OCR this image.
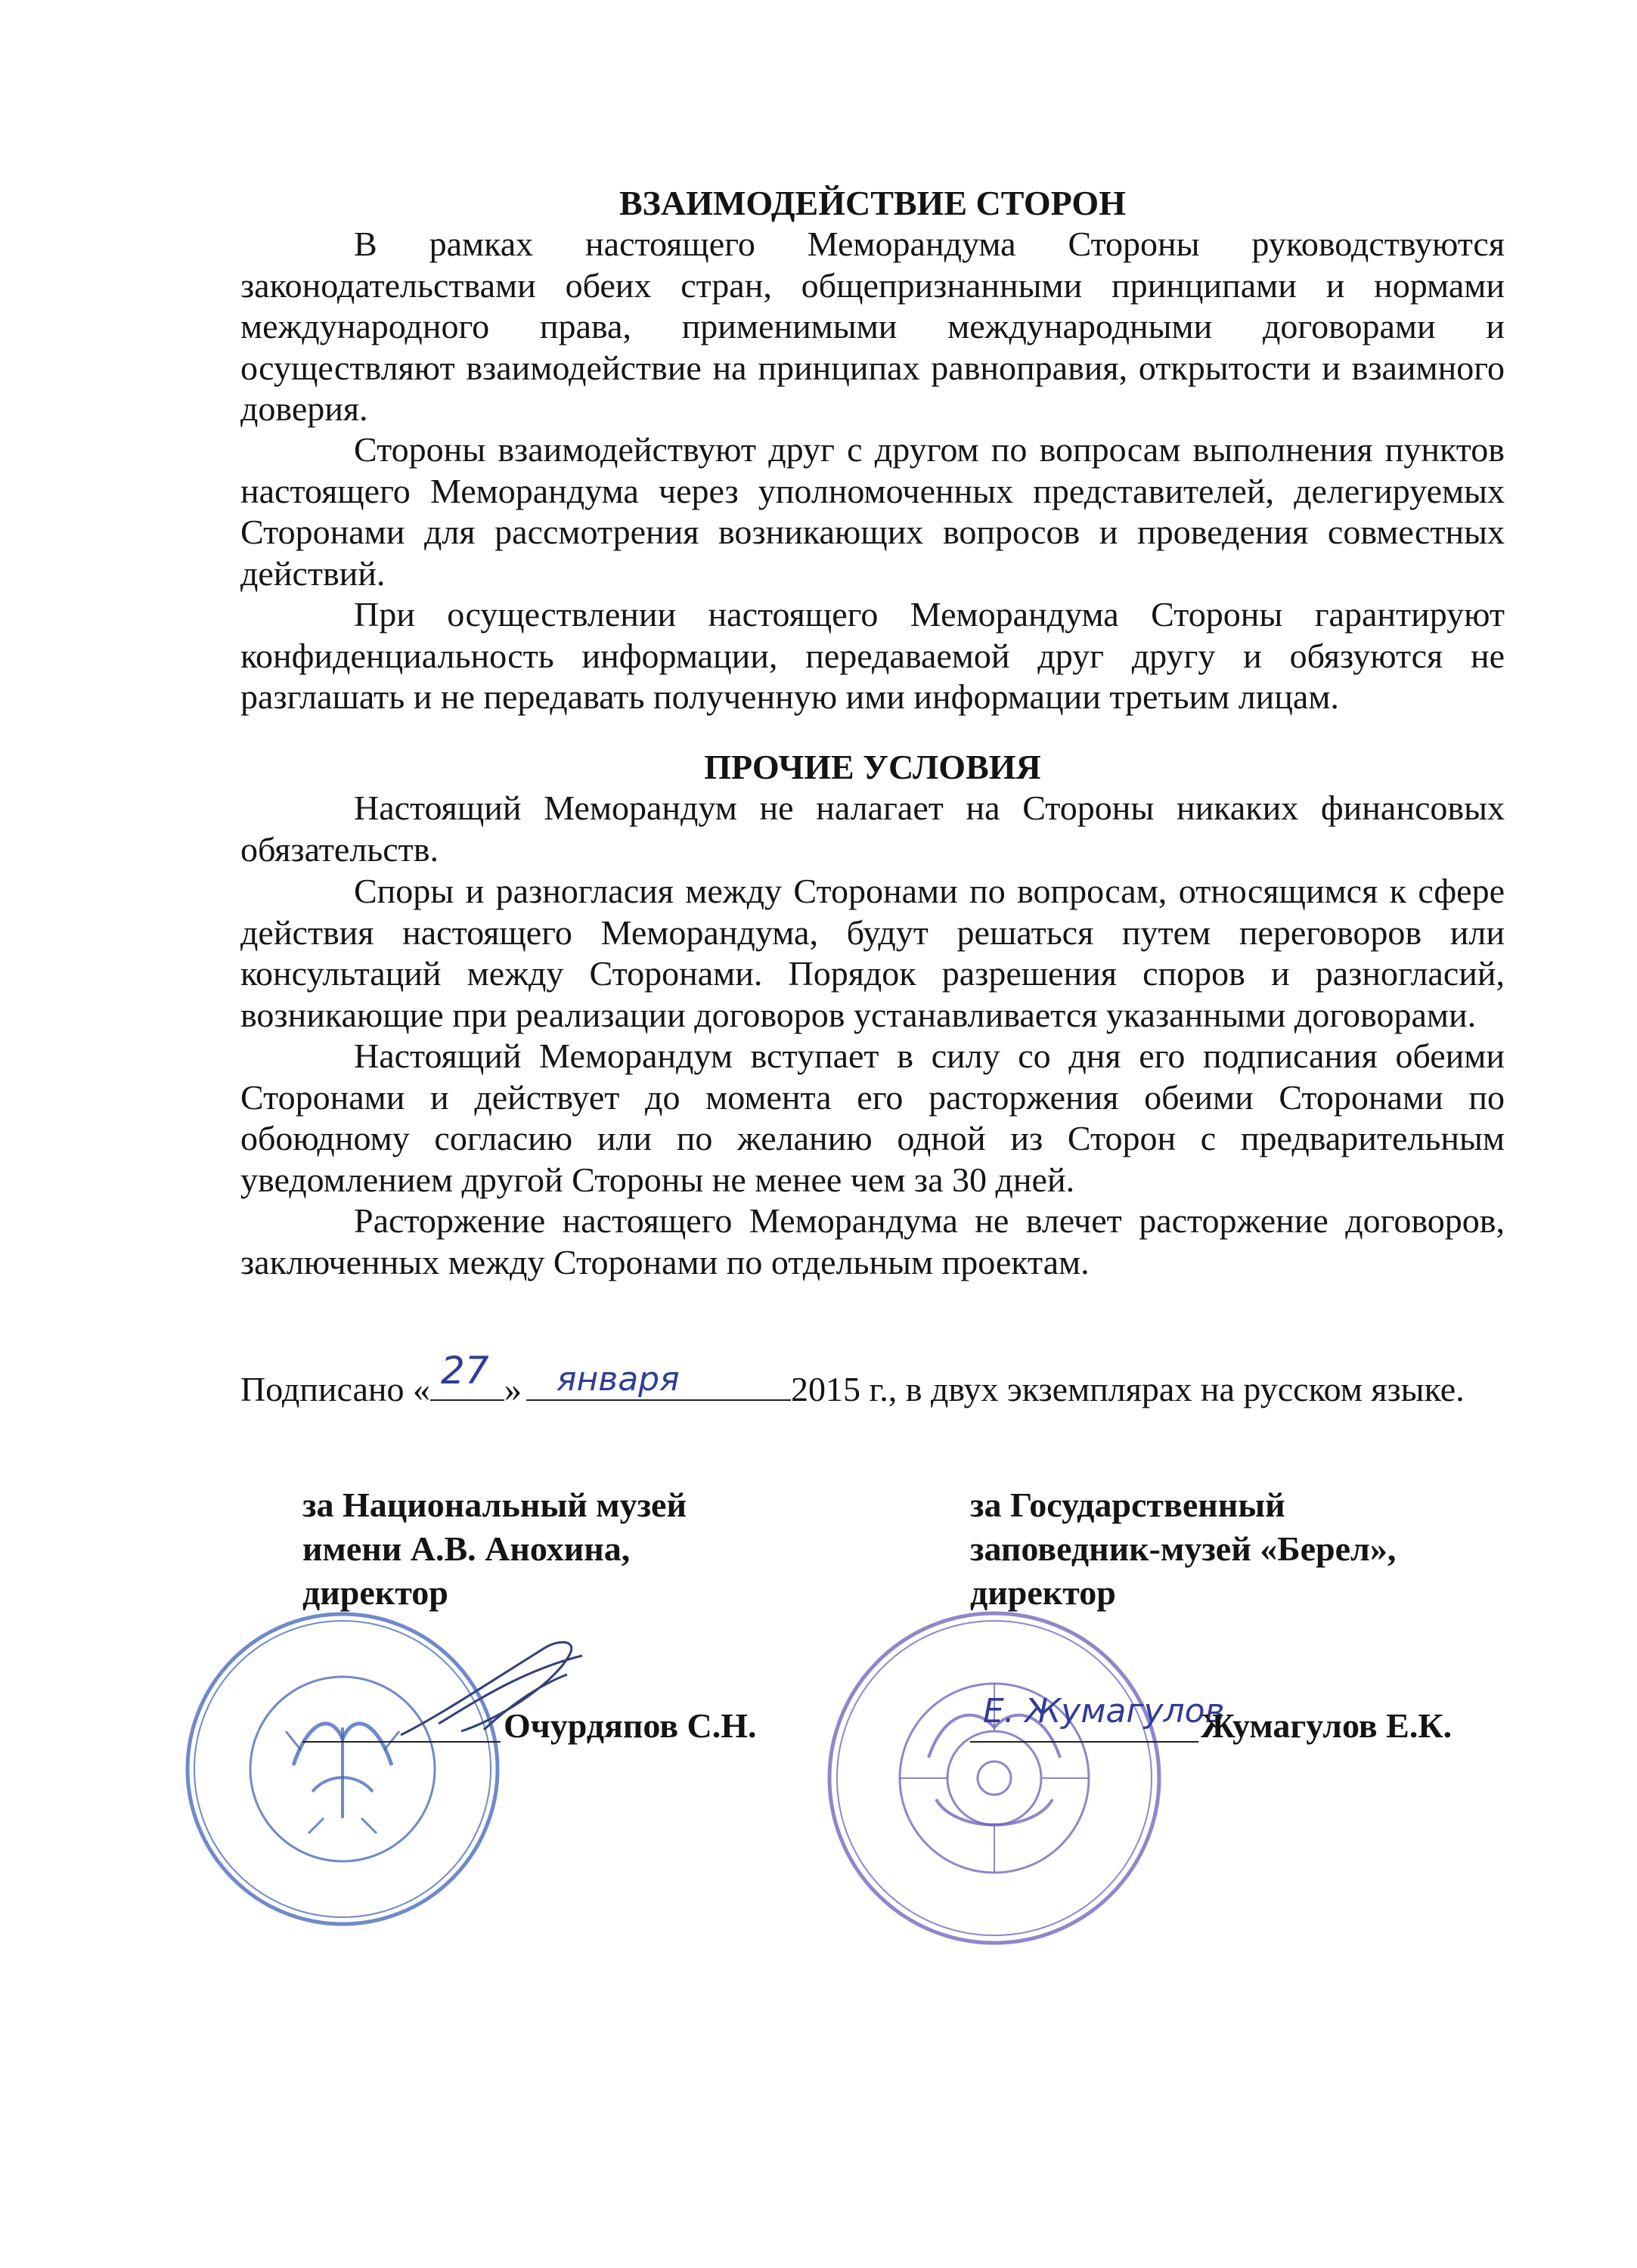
ВЗАИМОДЕЙСТВИЕ СТОРОН

В рамках настоящего Меморандума Стороны руководствуются законодательствами обеих стран, общепризнанными принципами и нормами международного права, применимыми международными договорами и осуществляют взаимодействие на принципах равноправия, открытости и взаимного доверия.

Стороны взаимодействуют друг с другом по вопросам выполнения пунктов настоящего Меморандума через уполномоченных представителей, делегируемых Сторонами для рассмотрения возникающих вопросов и проведения совместных действий.

При осуществлении настоящего Меморандума Стороны гарантируют конфиденциальность информации, передаваемой друг другу и обязуются не разглашать и не передавать полученную ими информации третьим лицам.

ПРОЧИЕ УСЛОВИЯ

Настоящий Меморандум не налагает на Стороны никаких финансовых обязательств.

Споры и разногласия между Сторонами по вопросам, относящимся к сфере действия настоящего Меморандума, будут решаться путем переговоров или консультаций между Сторонами. Порядок разрешения споров и разногласий, возникающие при реализации договоров устанавливается указанными договорами.

Настоящий Меморандум вступает в силу со дня его подписания обеими Сторонами и действует до момента его расторжения обеими Сторонами по обоюдному согласию или по желанию одной из Сторон с предварительным уведомлением другой Стороны не менее чем за 30 дней.

Расторжение настоящего Меморандума не влечет расторжение договоров, заключенных между Сторонами по отдельным проектам.

Подписано « 27 » января	2015 г., в двух экземплярах на русском языке.
за Национальный музей
имени А.В. Анохина,
директор
за Государственный
заповедник-музей «Берел»,
директор
Очурдяпов С.Н.	Е. Жумагулов
Жумагулов Е.К.
